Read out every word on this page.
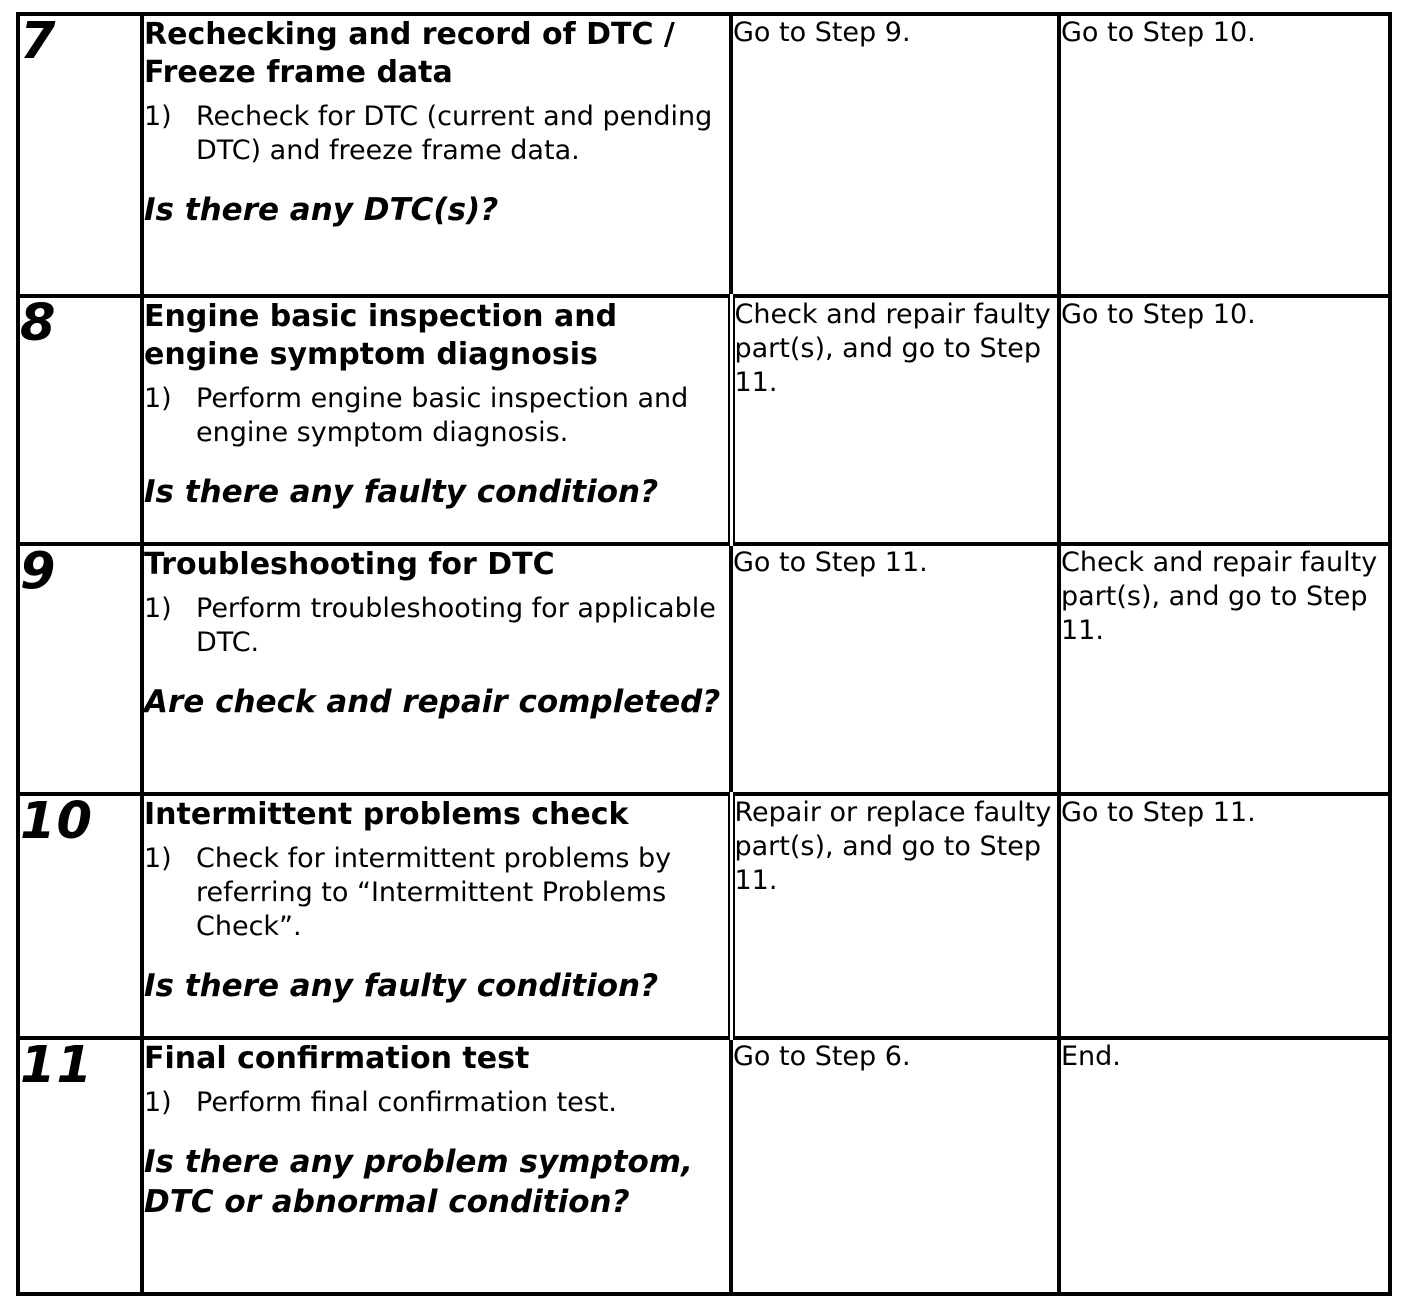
7	Rechecking and record of DTC / Freeze frame data

1) Recheck for DTC (current and pending DTC) and freeze frame data.
Is there any DTC(s)?	Go to Step 9.	Go to Step 10.
8	Engine basic inspection and engine symptom diagnosis

1) Perform engine basic inspection and engine symptom diagnosis.
Is there any faulty condition?	Check and repair faulty part(s), and go to Step 11.	Go to Step 10.
9	Troubleshooting for DTC

1) Perform troubleshooting for applicable DTC.
Are check and repair completed?	Go to Step 11.	Check and repair faulty part(s), and go to Step 11.
10	Intermittent problems check

1) Check for intermittent problems by referring to “Intermittent Problems Check”.
Is there any faulty condition?	Repair or replace faulty part(s), and go to Step 11.	Go to Step 11.
11	Final confirmation test

1) Perform final confirmation test.
Is there any problem symptom, DTC or abnormal condition?	Go to Step 6.	End.
